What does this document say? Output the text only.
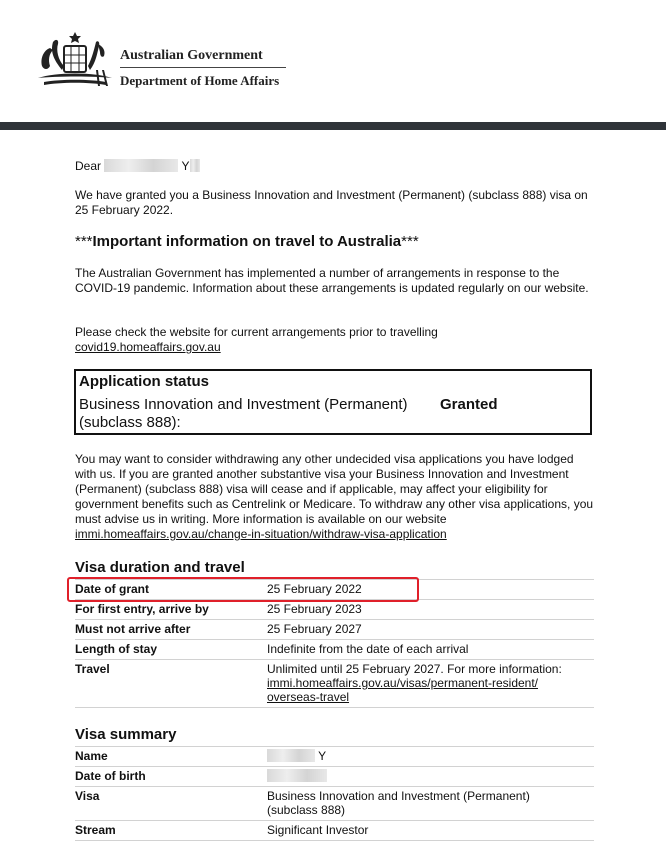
Australian Government
Department of Home Affairs

Dear	Y

We have granted you a Business Innovation and Investment (Permanent) (subclass 888) visa on 25 February 2022.

***Important information on travel to Australia***

The Australian Government has implemented a number of arrangements in response to the COVID-19 pandemic. Information about these arrangements is updated regularly on our website.

Please check the website for current arrangements prior to travelling
covid19.homeaffairs.gov.au

Application status
Business Innovation and Investment (Permanent) (subclass 888):
Granted

You may want to consider withdrawing any other undecided visa applications you have lodged with us. If you are granted another substantive visa your Business Innovation and Investment (Permanent) (subclass 888) visa will cease and if applicable, may affect your eligibility for government benefits such as Centrelink or Medicare. To withdraw any other visa applications, you must advise us in writing. More information is available on our website
immi.homeaffairs.gov.au/change-in-situation/withdraw-visa-application

Visa duration and travel
Date of grant	25 February 2022
For first entry, arrive by	25 February 2023
Must not arrive after	25 February 2027
Length of stay	Indefinite from the date of each arrival
Travel	Unlimited until 25 February 2027. For more information:
immi.homeaffairs.gov.au/visas/permanent-resident/
overseas-travel
Visa summary
Name	Y
Date of birth	
Visa	Business Innovation and Investment (Permanent)
(subclass 888)
Stream	Significant Investor
